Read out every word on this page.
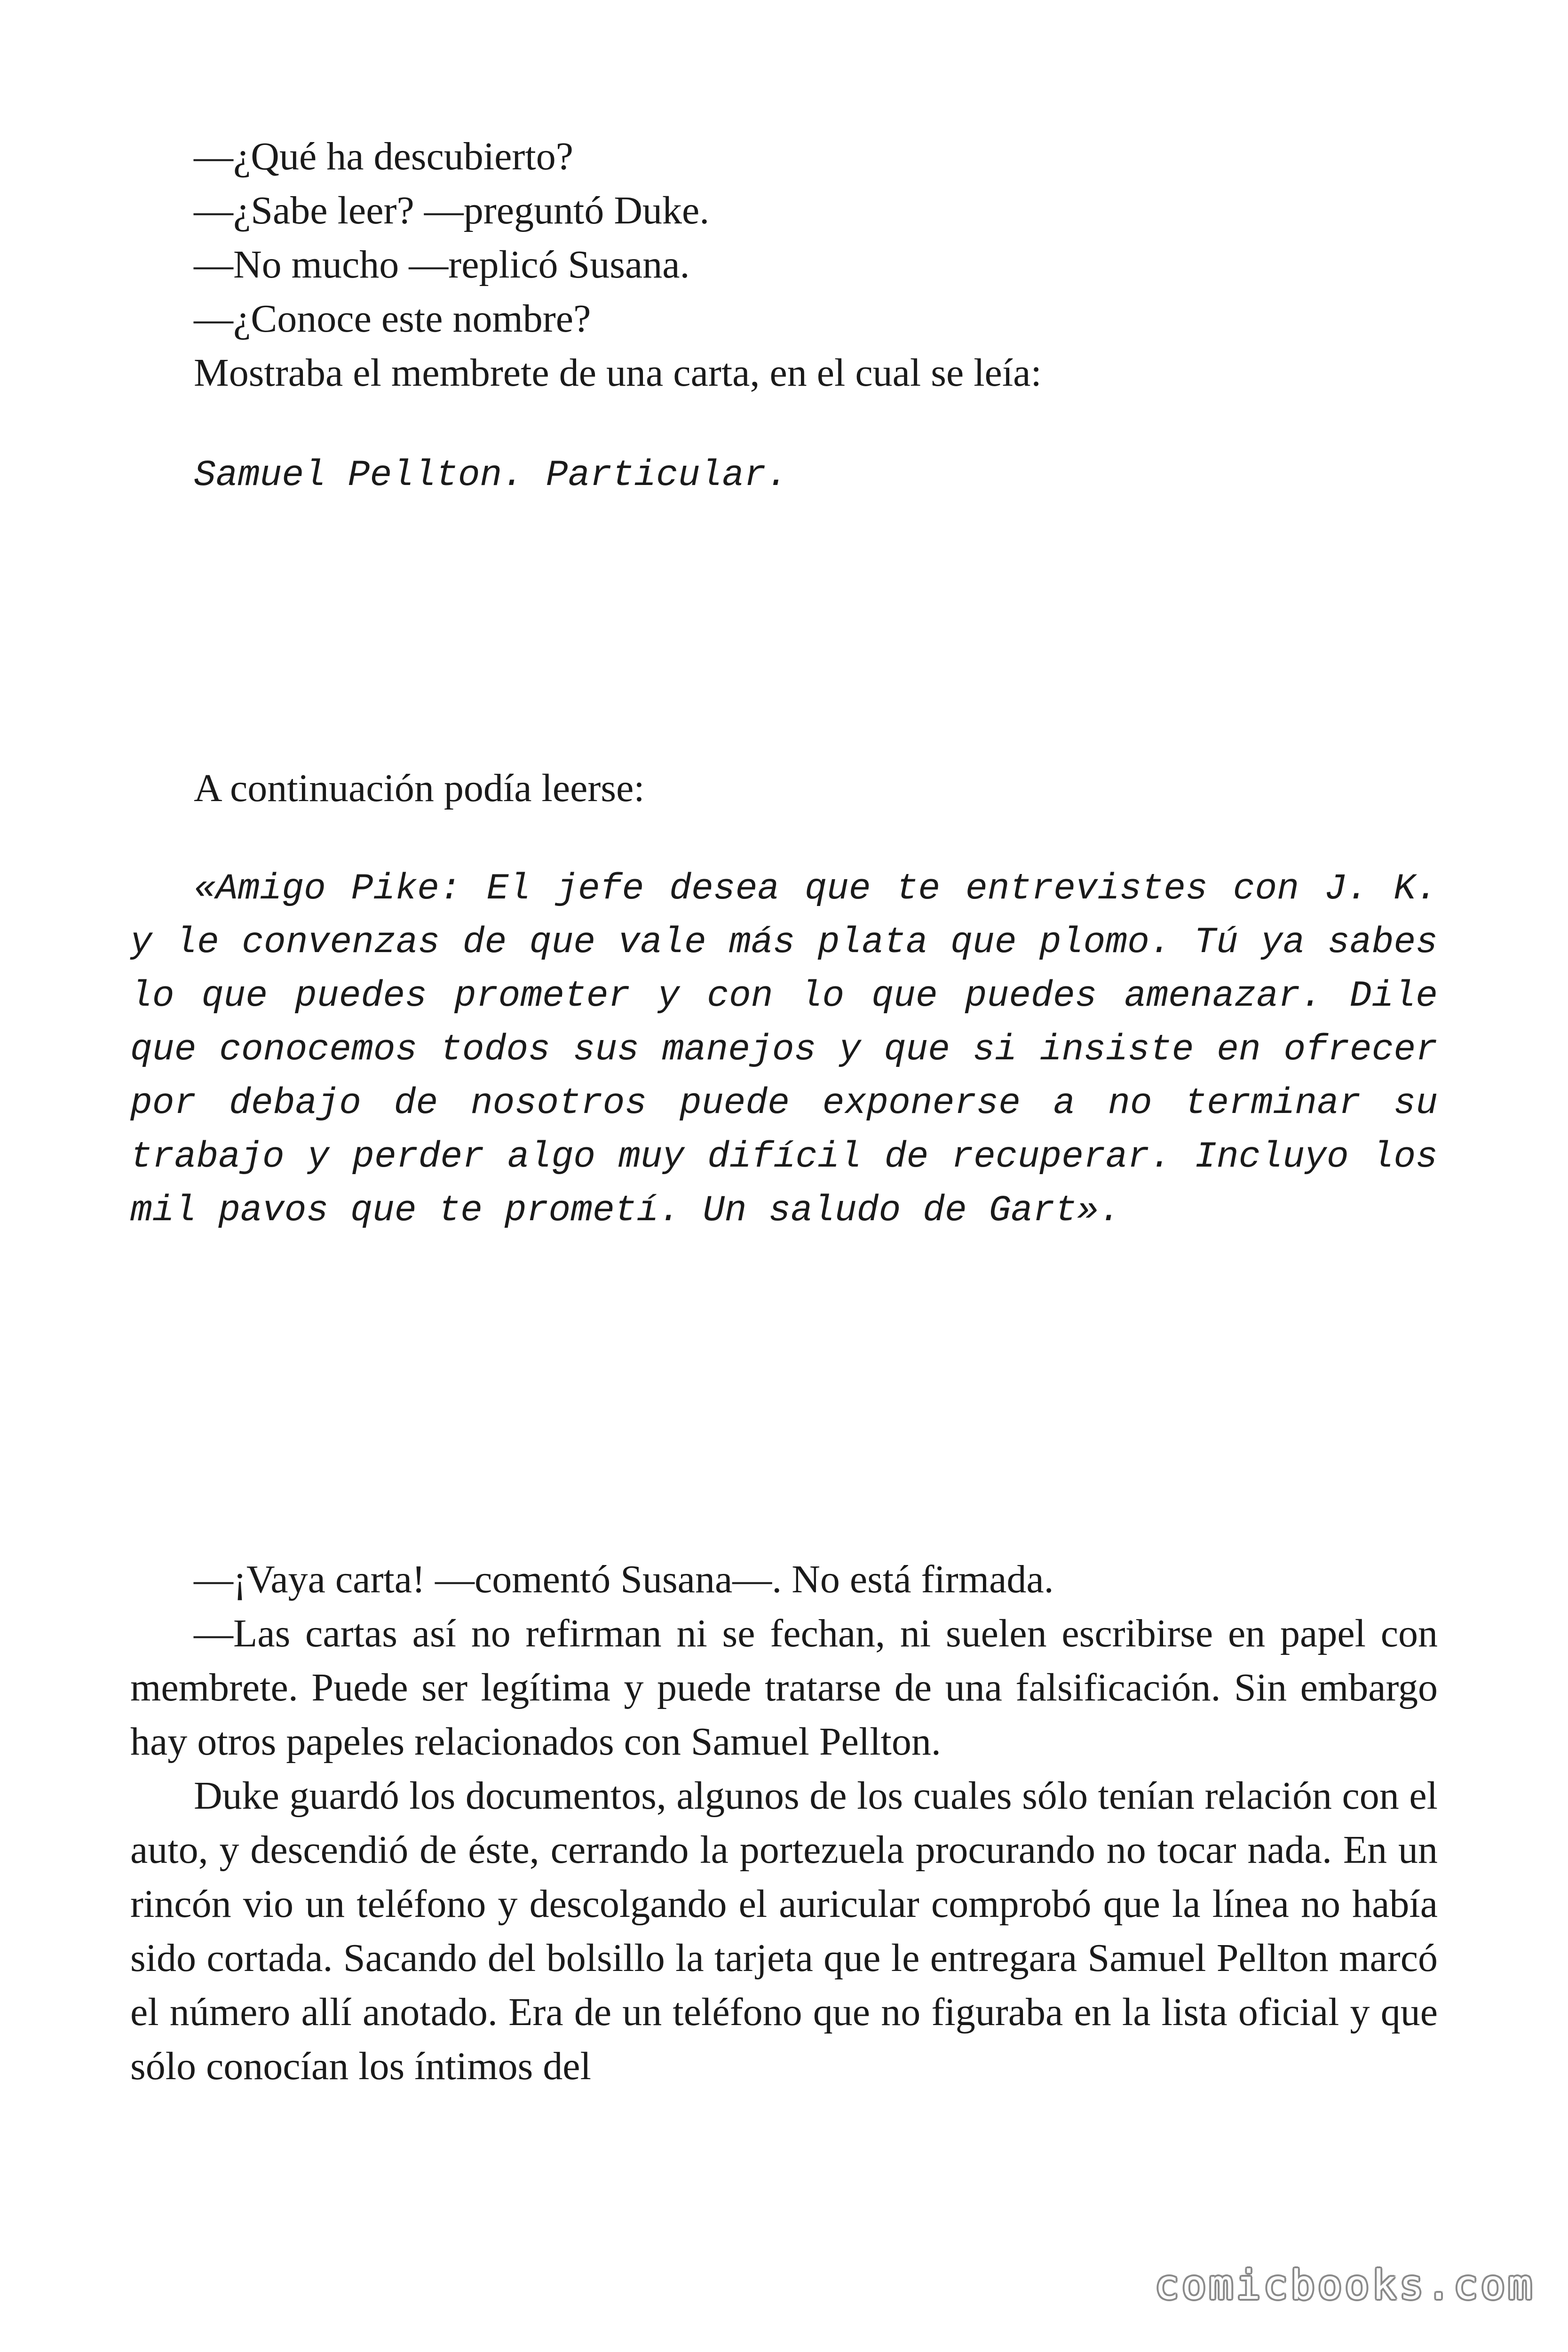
—¿Qué ha descubierto?

—¿Sabe leer? —preguntó Duke.

—No mucho —replicó Susana.

—¿Conoce este nombre?

Mostraba el membrete de una carta, en el cual se leía:

Samuel Pellton. Particular.

A continuación podía leerse:

«Amigo Pike: El jefe desea que te entrevistes con J. K. y le convenzas de que vale más plata que plomo. Tú ya sabes lo que puedes prometer y con lo que puedes amenazar. Dile que conocemos todos sus manejos y que si insiste en ofrecer por debajo de nosotros puede exponerse a no terminar su trabajo y perder algo muy difícil de recuperar. Incluyo los mil pavos que te prometí. Un saludo de Gart».

—¡Vaya carta! —comentó Susana—. No está firmada.

—Las cartas así no refirman ni se fechan, ni suelen escribirse en papel con membrete. Puede ser legítima y puede tratarse de una falsificación. Sin embargo hay otros papeles relacionados con Samuel Pellton.

Duke guardó los documentos, algunos de los cuales sólo tenían relación con el auto, y descendió de éste, cerrando la portezuela procurando no tocar nada. En un rincón vio un teléfono y descolgando el auricular comprobó que la línea no había sido cortada. Sacando del bolsillo la tarjeta que le entregara Samuel Pellton marcó el número allí anotado. Era de un teléfono que no figuraba en la lista oficial y que sólo conocían los íntimos del

comicbooks.com
